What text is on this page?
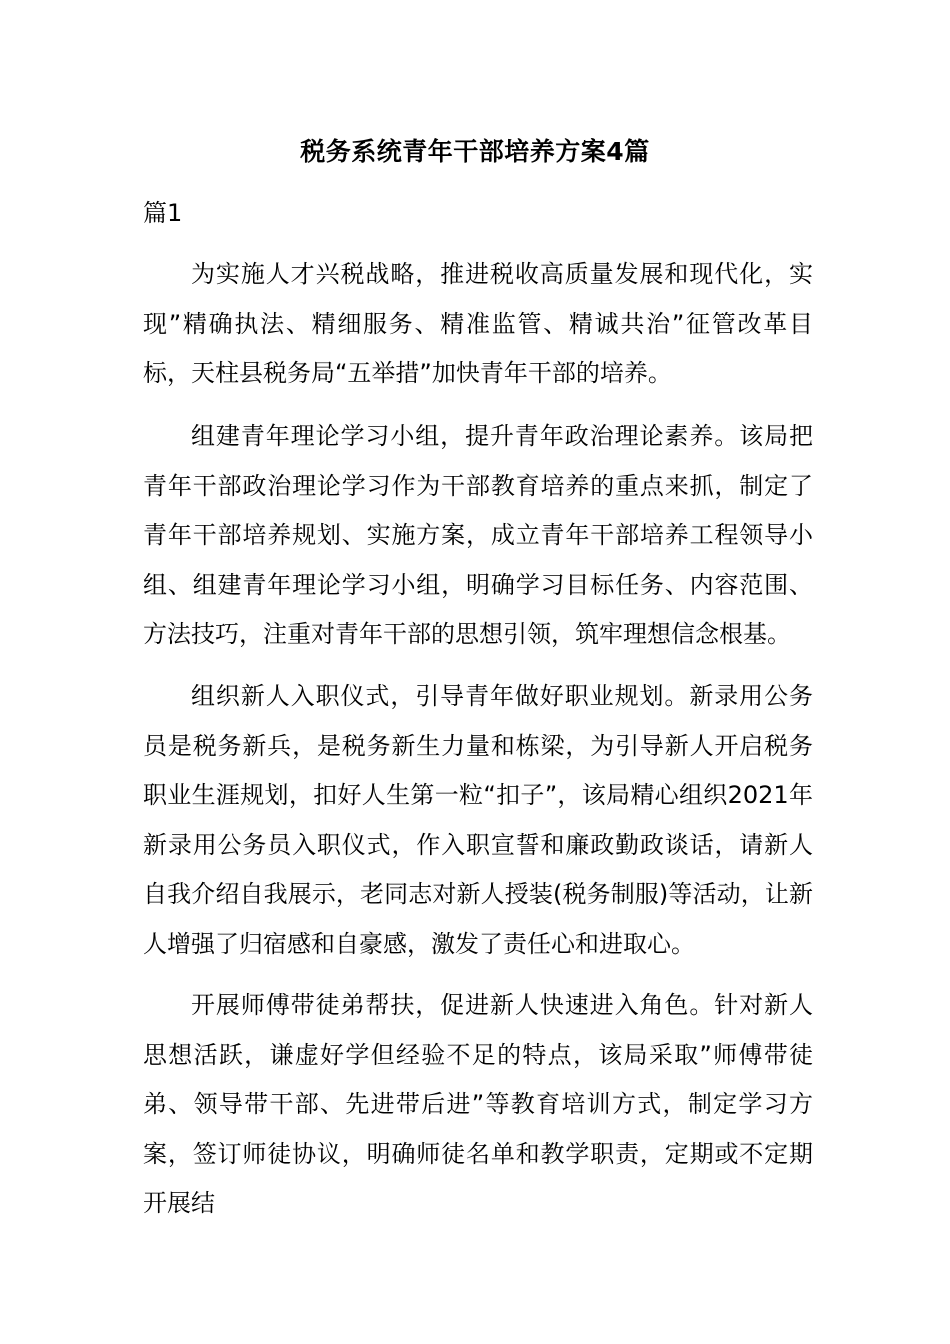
税务系统青年干部培养方案4篇
篇1

为实施人才兴税战略，推进税收高质量发展和现代化，实现”精确执法、精细服务、精准监管、精诚共治”征管改革目标，天柱县税务局“五举措”加快青年干部的培养。

组建青年理论学习小组，提升青年政治理论素养。该局把青年干部政治理论学习作为干部教育培养的重点来抓，制定了青年干部培养规划、实施方案，成立青年干部培养工程领导小组、组建青年理论学习小组，明确学习目标任务、内容范围、方法技巧，注重对青年干部的思想引领，筑牢理想信念根基。

组织新人入职仪式，引导青年做好职业规划。新录用公务员是税务新兵，是税务新生力量和栋梁，为引导新人开启税务职业生涯规划，扣好人生第一粒“扣子”，该局精心组织2021年新录用公务员入职仪式，作入职宣誓和廉政勤政谈话，请新人自我介绍自我展示，老同志对新人授装(税务制服)等活动，让新人增强了归宿感和自豪感，激发了责任心和进取心。

开展师傅带徒弟帮扶，促进新人快速进入角色。针对新人思想活跃，谦虚好学但经验不足的特点，该局采取”师傅带徒弟、领导带干部、先进带后进”等教育培训方式，制定学习方案，签订师徒协议，明确师徒名单和教学职责，定期或不定期开展结
